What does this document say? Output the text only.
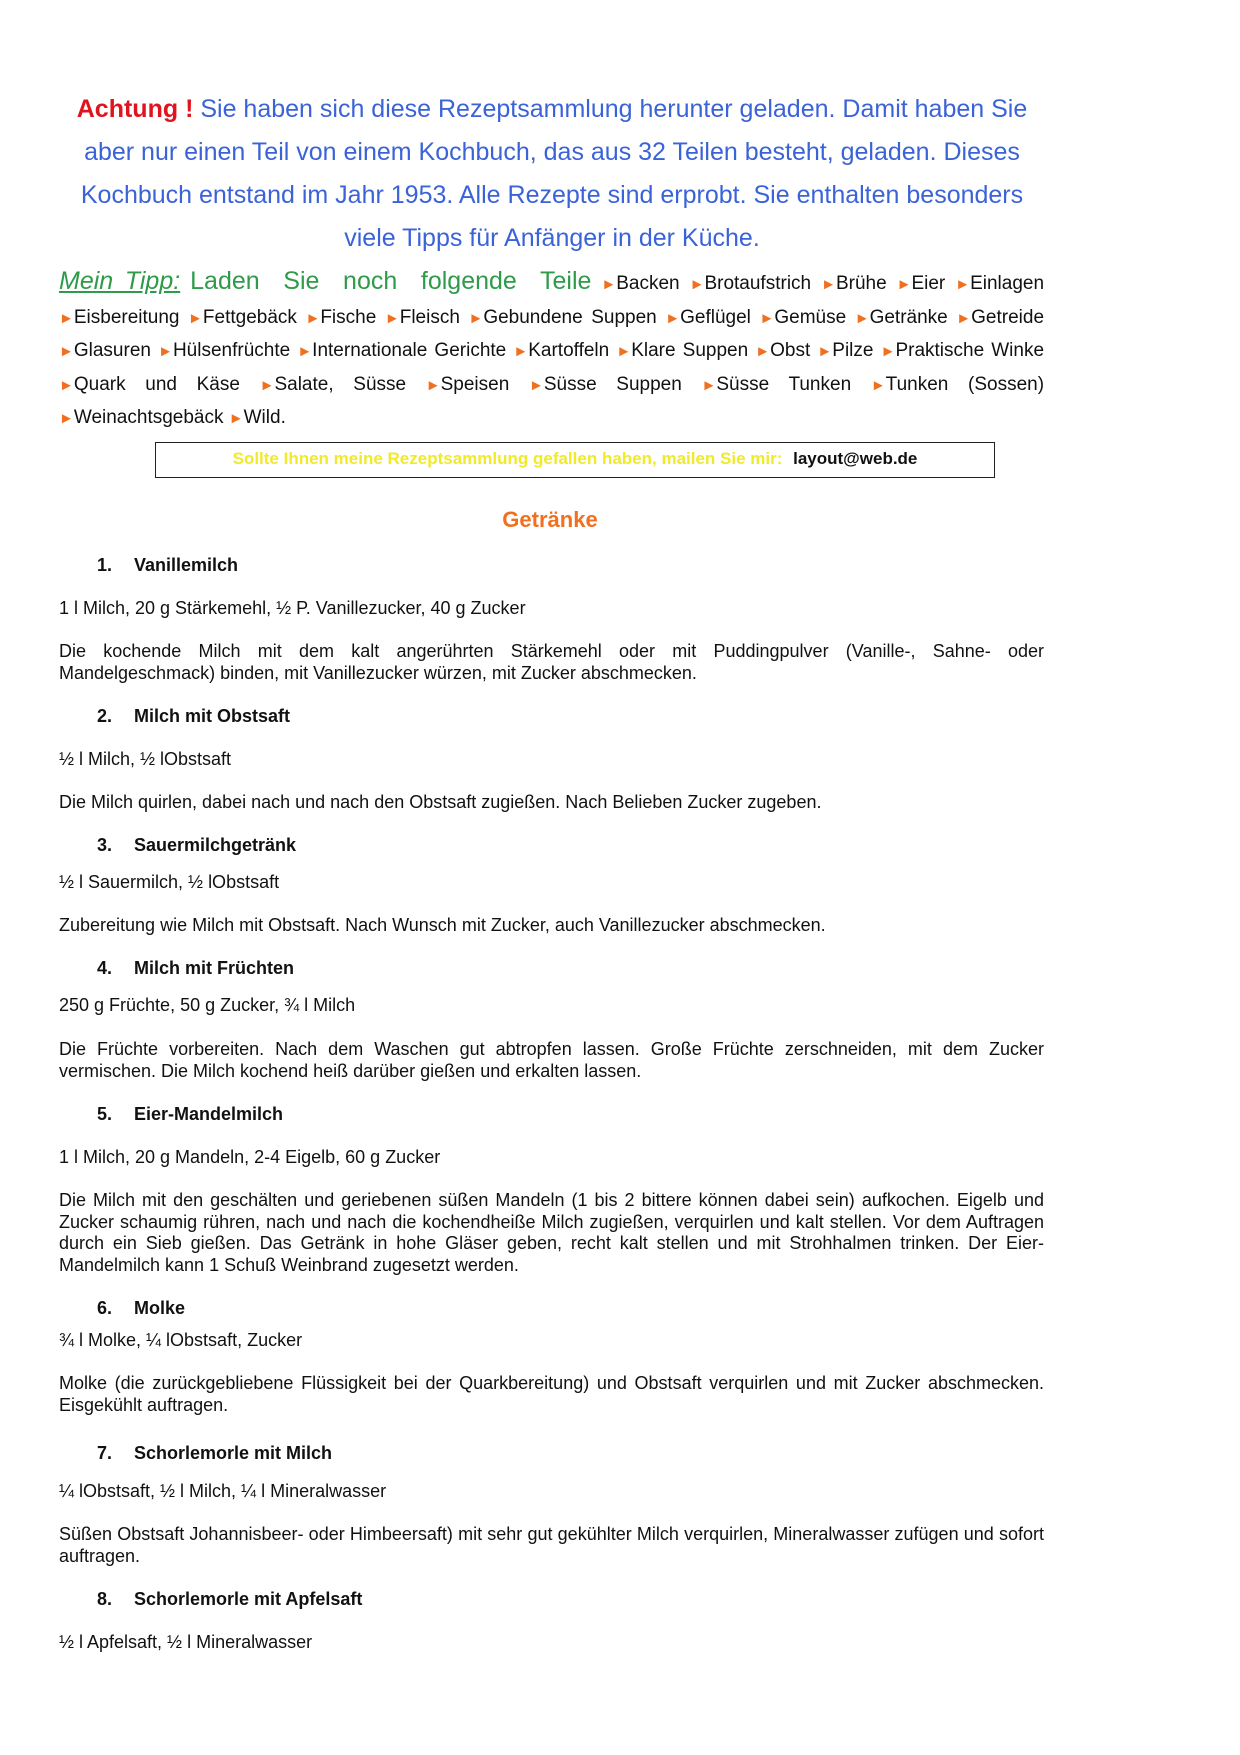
Achtung ! Sie haben sich diese Rezeptsammlung herunter geladen. Damit haben Sie aber nur einen Teil von einem Kochbuch, das aus 32 Teilen besteht, geladen. Dieses Kochbuch entstand im Jahr 1953. Alle Rezepte sind erprobt. Sie enthalten besonders viele Tipps für Anfänger in der Küche.
Mein Tipp: Laden Sie noch folgende Teile ►Backen ►Brotaufstrich ►Brühe ►Eier ►Einlagen ►Eisbereitung ►Fettgebäck ►Fische ►Fleisch ►Gebundene Suppen ►Geflügel ►Gemüse ►Getränke ►Getreide ►Glasuren ►Hülsenfrüchte ►Internationale Gerichte ►Kartoffeln ►Klare Suppen ►Obst ►Pilze ►Praktische Winke ►Quark und Käse ►Salate, Süsse ►Speisen ►Süsse Suppen ►Süsse Tunken ►Tunken (Sossen) ►Weinachtsgebäck ►Wild.
Sollte Ihnen meine Rezeptsammlung gefallen haben, mailen Sie mir: layout@web.de
Getränke
1. Vanillemilch
1 l Milch, 20 g Stärkemehl, ½ P. Vanillezucker, 40 g Zucker
Die kochende Milch mit dem kalt angerührten Stärkemehl oder mit Puddingpulver (Vanille-, Sahne- oder Mandelgeschmack) binden, mit Vanillezucker würzen, mit Zucker abschmecken.
2. Milch mit Obstsaft
½ l Milch, ½ lObstsaft
Die Milch quirlen, dabei nach und nach den Obstsaft zugießen. Nach Belieben Zucker zugeben.
3. Sauermilchgetränk
½ l Sauermilch, ½ lObstsaft
Zubereitung wie Milch mit Obstsaft. Nach Wunsch mit Zucker, auch Vanillezucker abschmecken.
4. Milch mit Früchten
250 g Früchte, 50 g Zucker, ¾ l Milch
Die Früchte vorbereiten. Nach dem Waschen gut abtropfen lassen. Große Früchte zerschneiden, mit dem Zucker vermischen. Die Milch kochend heiß darüber gießen und erkalten lassen.
5. Eier-Mandelmilch
1 l Milch, 20 g Mandeln, 2-4 Eigelb, 60 g Zucker
Die Milch mit den geschälten und geriebenen süßen Mandeln (1 bis 2 bittere können dabei sein) aufkochen. Eigelb und Zucker schaumig rühren, nach und nach die kochendheiße Milch zugießen, verquirlen und kalt stellen. Vor dem Auftragen durch ein Sieb gießen. Das Getränk in hohe Gläser geben, recht kalt stellen und mit Strohhalmen trinken. Der Eier-Mandelmilch kann 1 Schuß Weinbrand zugesetzt werden.
6. Molke
¾ l Molke, ¼ lObstsaft, Zucker
Molke (die zurückgebliebene Flüssigkeit bei der Quarkbereitung) und Obstsaft verquirlen und mit Zucker abschmecken. Eisgekühlt auftragen.
7. Schorlemorle mit Milch
¼ lObstsaft, ½ l Milch, ¼ l Mineralwasser
Süßen Obstsaft Johannisbeer- oder Himbeersaft) mit sehr gut gekühlter Milch verquirlen, Mineralwasser zufügen und sofort auftragen.
8. Schorlemorle mit Apfelsaft
½ l Apfelsaft, ½ l Mineralwasser
